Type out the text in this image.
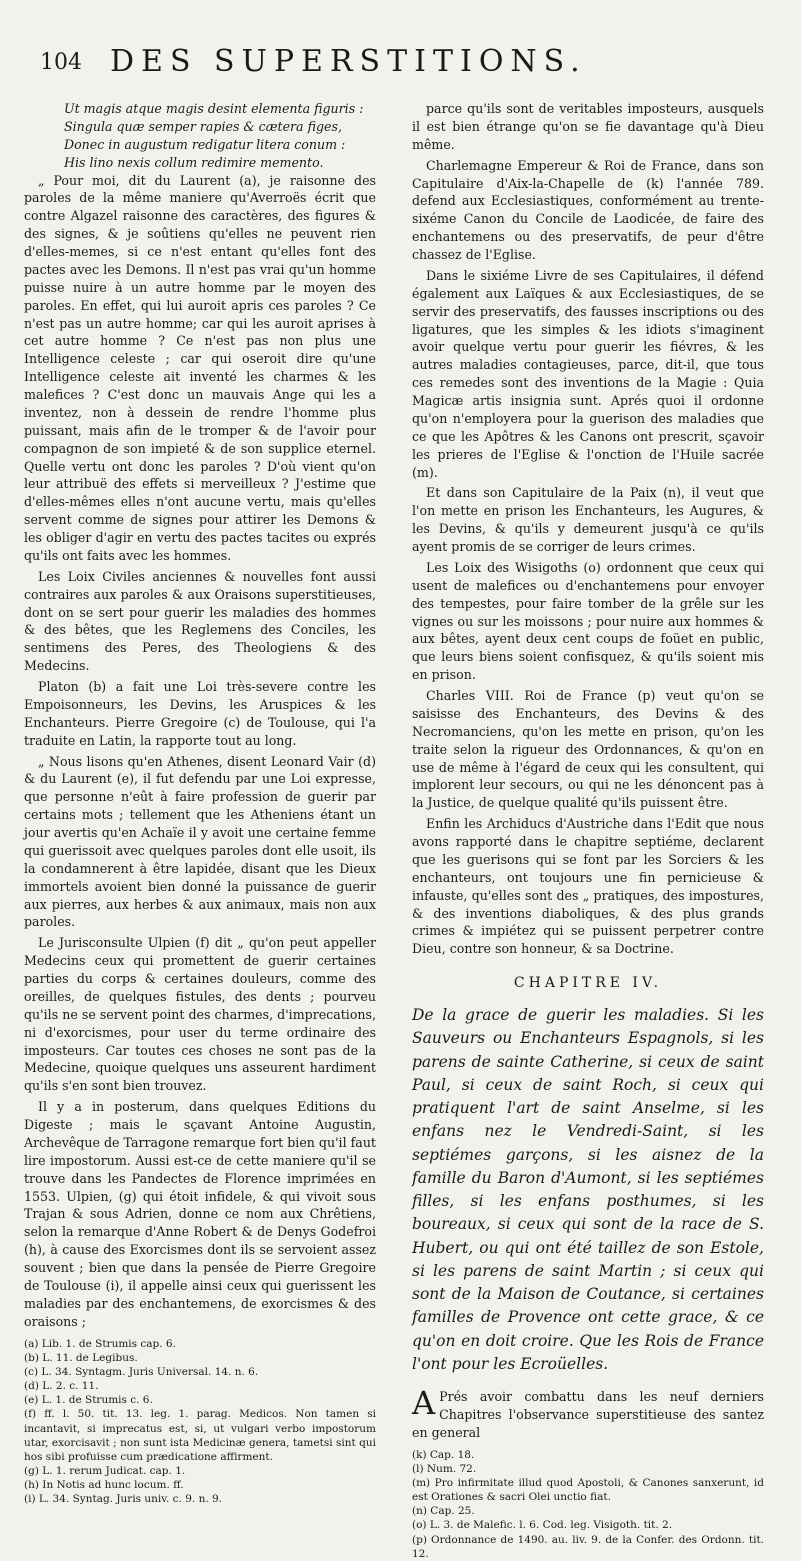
104 DES SUPERSTITIONS.

Ut magis atque magis desint elementa figuris :

Singula quæ semper rapies & cætera figes,

Donec in augustum redigatur litera conum :

His lino nexis collum redimire memento.

„ Pour moi, dit du Laurent (a), je raisonne des paroles de la même maniere qu'Averroës écrit que contre Algazel raisonne des caractères, des figures & des signes, & je soûtiens qu'elles ne peuvent rien d'elles-memes, si ce n'est entant qu'elles font des pactes avec les Demons. Il n'est pas vrai qu'un homme puisse nuire à un autre homme par le moyen des paroles. En effet, qui lui auroit apris ces paroles ? Ce n'est pas un autre homme; car qui les auroit aprises à cet autre homme ? Ce n'est pas non plus une Intelligence celeste ; car qui oseroit dire qu'une Intelligence celeste ait inventé les charmes & les malefices ? C'est donc un mauvais Ange qui les a inventez, non à dessein de rendre l'homme plus puissant, mais afin de le tromper & de l'avoir pour compagnon de son impieté & de son supplice eternel. Quelle vertu ont donc les paroles ? D'où vient qu'on leur attribuë des effets si merveilleux ? J'estime que d'elles-mêmes elles n'ont aucune vertu, mais qu'elles servent comme de signes pour attirer les Demons & les obliger d'agir en vertu des pactes tacites ou exprés qu'ils ont faits avec les hommes.

Les Loix Civiles anciennes & nouvelles font aussi contraires aux paroles & aux Oraisons superstitieuses, dont on se sert pour guerir les maladies des hommes & des bêtes, que les Reglemens des Conciles, les sentimens des Peres, des Theologiens & des Medecins.

Platon (b) a fait une Loi très-severe contre les Empoisonneurs, les Devins, les Aruspices & les Enchanteurs. Pierre Gregoire (c) de Toulouse, qui l'a traduite en Latin, la rapporte tout au long.

„ Nous lisons qu'en Athenes, disent Leonard Vair (d) & du Laurent (e), il fut defendu par une Loi expresse, que personne n'eût à faire profession de guerir par certains mots ; tellement que les Atheniens étant un jour avertis qu'en Achaïe il y avoit une certaine femme qui guerissoit avec quelques paroles dont elle usoit, ils la condamnerent à être lapidée, disant que les Dieux immortels avoient bien donné la puissance de guerir aux pierres, aux herbes & aux animaux, mais non aux paroles.

Le Jurisconsulte Ulpien (f) dit „ qu'on peut appeller Medecins ceux qui promettent de guerir certaines parties du corps & certaines douleurs, comme des oreilles, de quelques fistules, des dents ; pourveu qu'ils ne se servent point des charmes, d'imprecations, ni d'exorcismes, pour user du terme ordinaire des imposteurs. Car toutes ces choses ne sont pas de la Medecine, quoique quelques uns asseurent hardiment qu'ils s'en sont bien trouvez.

Il y a in posterum, dans quelques Editions du Digeste ; mais le sçavant Antoine Augustin, Archevêque de Tarragone remarque fort bien qu'il faut lire impostorum. Aussi est-ce de cette maniere qu'il se trouve dans les Pandectes de Florence imprimées en 1553. Ulpien, (g) qui étoit infidele, & qui vivoit sous Trajan & sous Adrien, donne ce nom aux Chrêtiens, selon la remarque d'Anne Robert & de Denys Godefroi (h), à cause des Exorcismes dont ils se servoient assez souvent ; bien que dans la pensée de Pierre Gregoire de Toulouse (i), il appelle ainsi ceux qui guerissent les maladies par des enchantemens, de exorcismes & des oraisons ;

(a) Lib. 1. de Strumis cap. 6.
(b) L. 11. de Legibus.
(c) L. 34. Syntagm. Juris Universal. 14. n. 6.
(d) L. 2. c. 11.
(e) L. 1. de Strumis c. 6.
(f) ff. l. 50. tit. 13. leg. 1. parag. Medicos. Non tamen si incantavit, si imprecatus est, si, ut vulgari verbo impostorum utar, exorcisavit ; non sunt ista Medicinæ genera, tametsi sint qui hos sibi profuisse cum prædicatione affirment.
(g) L. 1. rerum Judicat. cap. 1.
(h) In Notis ad hunc locum. ff.
(i) L. 34. Syntag. Juris univ. c. 9. n. 9.

parce qu'ils sont de veritables imposteurs, ausquels il est bien étrange qu'on se fie davantage qu'à Dieu même.

Charlemagne Empereur & Roi de France, dans son Capitulaire d'Aix-la-Chapelle de (k) l'année 789. defend aux Ecclesiastiques, conformément au trente-sixéme Canon du Concile de Laodicée, de faire des enchantemens ou des preservatifs, de peur d'être chassez de l'Eglise.

Dans le sixiéme Livre de ses Capitulaires, il défend également aux Laïques & aux Ecclesiastiques, de se servir des preservatifs, des fausses inscriptions ou des ligatures, que les simples & les idiots s'imaginent avoir quelque vertu pour guerir les fiévres, & les autres maladies contagieuses, parce, dit-il, que tous ces remedes sont des inventions de la Magie : Quia Magicæ artis insignia sunt. Aprés quoi il ordonne qu'on n'employera pour la guerison des maladies que ce que les Apôtres & les Canons ont prescrit, sçavoir les prieres de l'Eglise & l'onction de l'Huile sacrée (m).

Et dans son Capitulaire de la Paix (n), il veut que l'on mette en prison les Enchanteurs, les Augures, & les Devins, & qu'ils y demeurent jusqu'à ce qu'ils ayent promis de se corriger de leurs crimes.

Les Loix des Wisigoths (o) ordonnent que ceux qui usent de malefices ou d'enchantemens pour envoyer des tempestes, pour faire tomber de la grêle sur les vignes ou sur les moissons ; pour nuire aux hommes & aux bêtes, ayent deux cent coups de foüet en public, que leurs biens soient confisquez, & qu'ils soient mis en prison.

Charles VIII. Roi de France (p) veut qu'on se saisisse des Enchanteurs, des Devins & des Necromanciens, qu'on les mette en prison, qu'on les traite selon la rigueur des Ordonnances, & qu'on en use de même à l'égard de ceux qui les consultent, qui implorent leur secours, ou qui ne les dénoncent pas à la Justice, de quelque qualité qu'ils puissent être.

Enfin les Archiducs d'Austriche dans l'Edit que nous avons rapporté dans le chapitre septiéme, declarent que les guerisons qui se font par les Sorciers & les enchanteurs, ont toujours une fin pernicieuse & infauste, qu'elles sont des „ pratiques, des impostures, & des inventions diaboliques, & des plus grands crimes & impiétez qui se puissent perpetrer contre Dieu, contre son honneur, & sa Doctrine.

CHAPITRE IV.
De la grace de guerir les maladies. Si les Sauveurs ou Enchanteurs Espagnols, si les parens de sainte Catherine, si ceux de saint Paul, si ceux de saint Roch, si ceux qui pratiquent l'art de saint Anselme, si les enfans nez le Vendredi-Saint, si les septiémes garçons, si les aisnez de la famille du Baron d'Aumont, si les septiémes filles, si les enfans posthumes, si les boureaux, si ceux qui sont de la race de S. Hubert, ou qui ont été taillez de son Estole, si les parens de saint Martin ; si ceux qui sont de la Maison de Coutance, si certaines familles de Provence ont cette grace, & ce qu'on en doit croire. Que les Rois de France l'ont pour les Ecroüelles.

A Prés avoir combattu dans les neuf derniers Chapitres l'observance superstitieuse des santez en general

(k) Cap. 18.
(l) Num. 72.
(m) Pro infirmitate illud quod Apostoli, & Canones sanxerunt, id est Orationes & sacri Olei unctio fiat.
(n) Cap. 25.
(o) L. 3. de Malefic. l. 6. Cod. leg. Visigoth. tit. 2.
(p) Ordonnance de 1490. au. liv. 9. de la Confer. des Ordonn. tit. 12.
